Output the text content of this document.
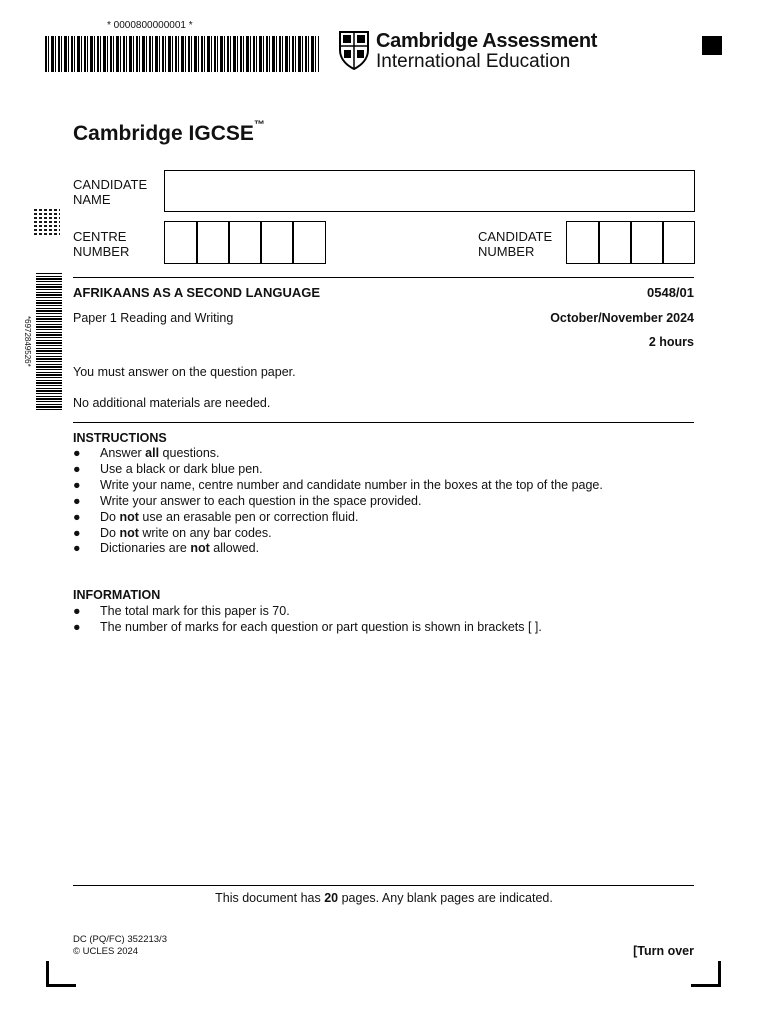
* 0000800000001 *
Cambridge Assessment
International Education
Cambridge IGCSE™
*6972849526*
CANDIDATE NAME
CENTRE NUMBER
CANDIDATE NUMBER
AFRIKAANS AS A SECOND LANGUAGE	0548/01
Paper 1 Reading and Writing	October/November 2024
2 hours
You must answer on the question paper.
No additional materials are needed.
INSTRUCTIONS
● Answer all questions.
● Use a black or dark blue pen.
● Write your name, centre number and candidate number in the boxes at the top of the page.
● Write your answer to each question in the space provided.
● Do not use an erasable pen or correction fluid.
● Do not write on any bar codes.
● Dictionaries are not allowed.
INFORMATION
● The total mark for this paper is 70.
● The number of marks for each question or part question is shown in brackets [ ].
This document has 20 pages. Any blank pages are indicated.
DC (PQ/FC) 352213/3
© UCLES 2024	[Turn over
